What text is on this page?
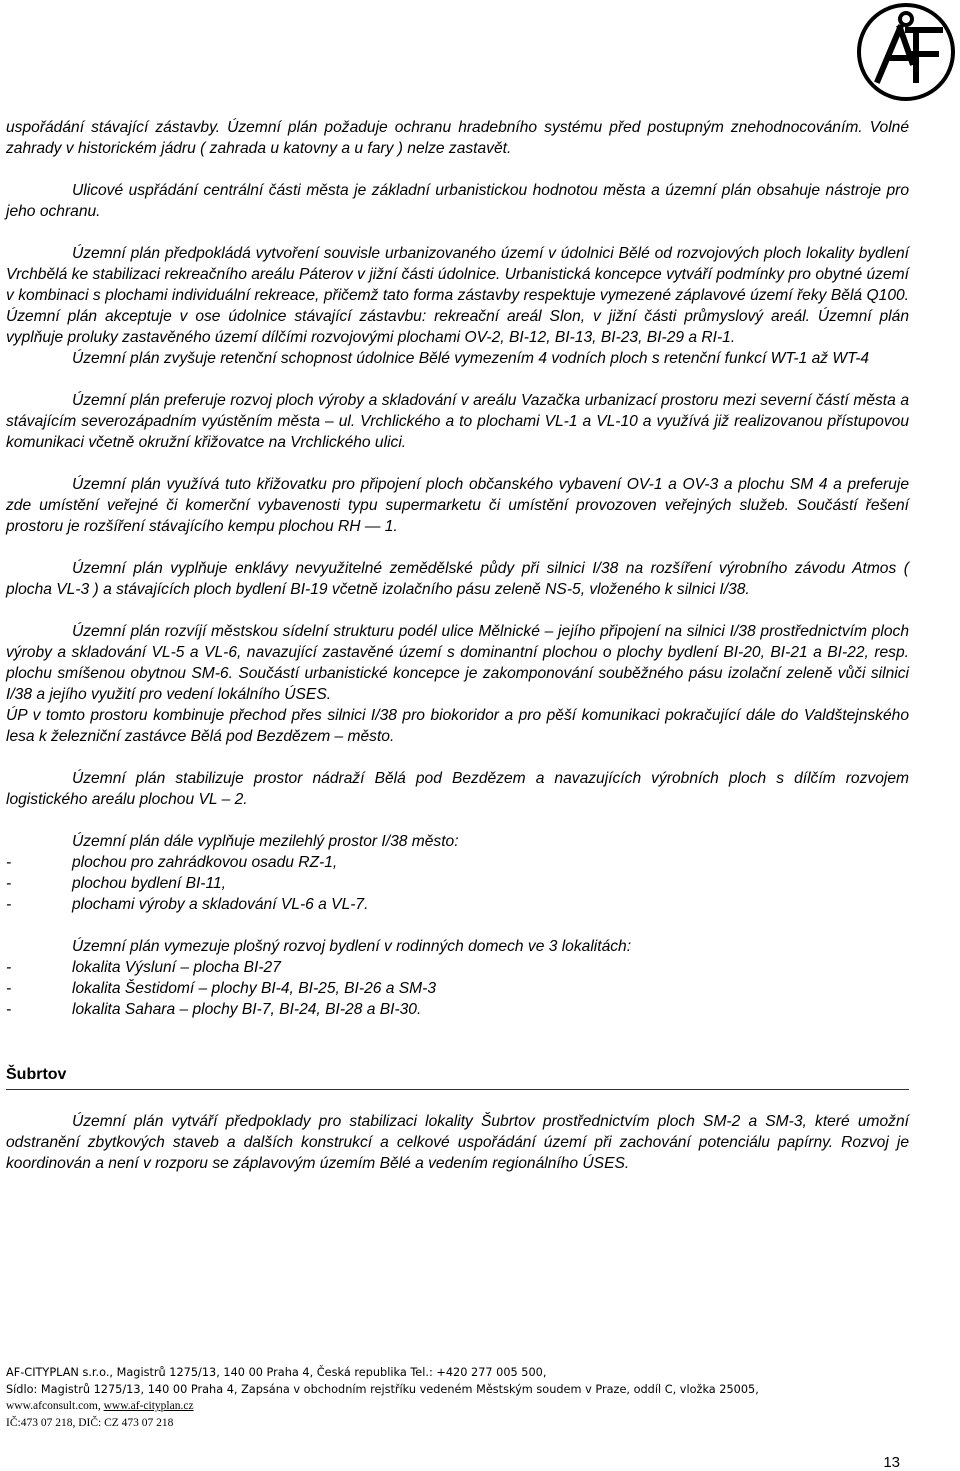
uspořádání stávající zástavby. Územní plán požaduje ochranu hradebního systému před postupným znehodnocováním. Volné zahrady v historickém jádru ( zahrada u katovny a u fary ) nelze zastavět.

Ulicové uspřádání centrální části města je základní urbanistickou hodnotou města a územní plán obsahuje nástroje pro jeho ochranu.

Územní plán předpokládá vytvoření souvisle urbanizovaného území v údolnici Bělé od rozvojových ploch lokality bydlení Vrchbělá ke stabilizaci rekreačního areálu Páterov v jižní části údolnice. Urbanistická koncepce vytváří podmínky pro obytné území v kombinaci s plochami individuální rekreace, přičemž tato forma zástavby respektuje vymezené záplavové území řeky Bělá Q100. Územní plán akceptuje v ose údolnice stávající zástavbu: rekreační areál Slon, v jižní části průmyslový areál. Územní plán vyplňuje proluky zastavěného území dílčími rozvojovými plochami OV-2, BI-12, BI-13, BI-23, BI-29 a RI-1.

Územní plán zvyšuje retenční schopnost údolnice Bělé vymezením 4 vodních ploch s retenční funkcí WT-1 až WT-4

Územní plán preferuje rozvoj ploch výroby a skladování v areálu Vazačka urbanizací prostoru mezi severní částí města a stávajícím severozápadním vyústěním města – ul. Vrchlického a to plochami VL-1 a VL-10 a využívá již realizovanou přístupovou komunikaci včetně okružní křižovatce na Vrchlického ulici.

Územní plán využívá tuto křižovatku pro připojení ploch občanského vybavení OV-1 a OV-3 a plochu SM 4 a preferuje zde umístění veřejné či komerční vybavenosti typu supermarketu či umístění provozoven veřejných služeb. Součástí řešení prostoru je rozšíření stávajícího kempu plochou RH — 1.

Územní plán vyplňuje enklávy nevyužitelné zemědělské půdy při silnici I/38 na rozšíření výrobního závodu Atmos ( plocha VL-3 ) a stávajících ploch bydlení BI-19 včetně izolačního pásu zeleně NS-5, vloženého k silnici I/38.

Územní plán rozvíjí městskou sídelní strukturu podél ulice Mělnické – jejího připojení na silnici I/38 prostřednictvím ploch výroby a skladování VL-5 a VL-6, navazující zastavěné území s dominantní plochou o plochy bydlení BI-20, BI-21 a BI-22, resp. plochu smíšenou obytnou SM-6. Součástí urbanistické koncepce je zakomponování souběžného pásu izolační zeleně vůči silnici I/38 a jejího využití pro vedení lokálního ÚSES.

ÚP v tomto prostoru kombinuje přechod přes silnici I/38 pro biokoridor a pro pěší komunikaci pokračující dále do Valdštejnského lesa k železniční zastávce Bělá pod Bezdězem – město.

Územní plán stabilizuje prostor nádraží Bělá pod Bezdězem a navazujících výrobních ploch s dílčím rozvojem logistického areálu plochou VL – 2.

Územní plán dále vyplňuje mezilehlý prostor I/38 město:

-	plochou pro zahrádkovou osadu RZ-1,
-	plochou bydlení BI-11,
-	plochami výroby a skladování VL-6 a VL-7.

Územní plán vymezuje plošný rozvoj bydlení v rodinných domech ve 3 lokalitách:

-	lokalita Výsluní – plocha BI-27
-	lokalita Šestidomí – plochy BI-4, BI-25, BI-26 a SM-3
-	lokalita Sahara – plochy BI-7, BI-24, BI-28 a BI-30.
Šubrtov

Územní plán vytváří předpoklady pro stabilizaci lokality Šubrtov prostřednictvím ploch SM-2 a SM-3, které umožní odstranění zbytkových staveb a dalších konstrukcí a celkové uspořádání území při zachování potenciálu papírny. Rozvoj je koordinován a není v rozporu se záplavovým územím Bělé a vedením regionálního ÚSES.

AF-CITYPLAN s.r.o., Magistrů 1275/13, 140 00 Praha 4, Česká republika Tel.: +420 277 005 500,
Sídlo: Magistrů 1275/13, 140 00 Praha 4, Zapsána v obchodním rejstříku vedeném Městským soudem v Praze, oddíl C, vložka 25005,
www.afconsult.com, www.af-cityplan.cz
IČ:473 07 218, DIČ: CZ 473 07 218
13
